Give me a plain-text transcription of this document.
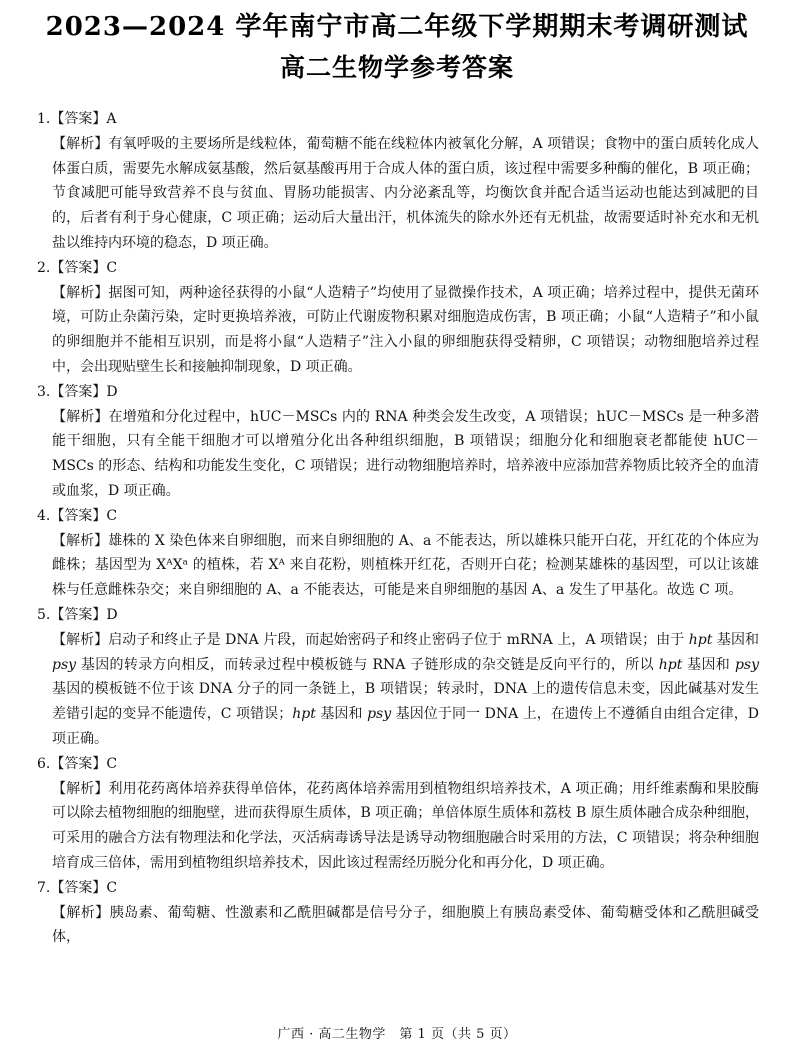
2023—2024 学年南宁市高二年级下学期期末考调研测试
高二生物学参考答案

1.【答案】A

【解析】有氧呼吸的主要场所是线粒体，葡萄糖不能在线粒体内被氧化分解，A 项错误；食物中的蛋白质转化成人体蛋白质，需要先水解成氨基酸，然后氨基酸再用于合成人体的蛋白质，该过程中需要多种酶的催化，B 项正确；节食减肥可能导致营养不良与贫血、胃肠功能损害、内分泌紊乱等，均衡饮食并配合适当运动也能达到减肥的目的，后者有利于身心健康，C 项正确；运动后大量出汗，机体流失的除水外还有无机盐，故需要适时补充水和无机盐以维持内环境的稳态，D 项正确。

2.【答案】C

【解析】据图可知，两种途径获得的小鼠“人造精子”均使用了显微操作技术，A 项正确；培养过程中，提供无菌环境，可防止杂菌污染，定时更换培养液，可防止代谢废物积累对细胞造成伤害，B 项正确；小鼠“人造精子”和小鼠的卵细胞并不能相互识别，而是将小鼠“人造精子”注入小鼠的卵细胞获得受精卵，C 项错误；动物细胞培养过程中，会出现贴壁生长和接触抑制现象，D 项正确。

3.【答案】D

【解析】在增殖和分化过程中，hUC－MSCs 内的 RNA 种类会发生改变，A 项错误；hUC－MSCs 是一种多潜能干细胞，只有全能干细胞才可以增殖分化出各种组织细胞，B 项错误；细胞分化和细胞衰老都能使 hUC－MSCs 的形态、结构和功能发生变化，C 项错误；进行动物细胞培养时，培养液中应添加营养物质比较齐全的血清或血浆，D 项正确。

4.【答案】C

【解析】雄株的 X 染色体来自卵细胞，而来自卵细胞的 A、a 不能表达，所以雄株只能开白花，开红花的个体应为雌株；基因型为 XᴬXᵃ 的植株，若 Xᴬ 来自花粉，则植株开红花，否则开白花；检测某雄株的基因型，可以让该雄株与任意雌株杂交；来自卵细胞的 A、a 不能表达，可能是来自卵细胞的基因 A、a 发生了甲基化。故选 C 项。

5.【答案】D

【解析】启动子和终止子是 DNA 片段，而起始密码子和终止密码子位于 mRNA 上，A 项错误；由于 hpt 基因和 psy 基因的转录方向相反，而转录过程中模板链与 RNA 子链形成的杂交链是反向平行的，所以 hpt 基因和 psy 基因的模板链不位于该 DNA 分子的同一条链上，B 项错误；转录时，DNA 上的遗传信息未变，因此碱基对发生差错引起的变异不能遗传，C 项错误；hpt 基因和 psy 基因位于同一 DNA 上，在遗传上不遵循自由组合定律，D 项正确。

6.【答案】C

【解析】利用花药离体培养获得单倍体，花药离体培养需用到植物组织培养技术，A 项正确；用纤维素酶和果胶酶可以除去植物细胞的细胞壁，进而获得原生质体，B 项正确；单倍体原生质体和荔枝 B 原生质体融合成杂种细胞，可采用的融合方法有物理法和化学法，灭活病毒诱导法是诱导动物细胞融合时采用的方法，C 项错误；将杂种细胞培育成三倍体，需用到植物组织培养技术，因此该过程需经历脱分化和再分化，D 项正确。

7.【答案】C

【解析】胰岛素、葡萄糖、性激素和乙酰胆碱都是信号分子，细胞膜上有胰岛素受体、葡萄糖受体和乙酰胆碱受体，

广西 · 高二生物学　第 1 页（共 5 页）
